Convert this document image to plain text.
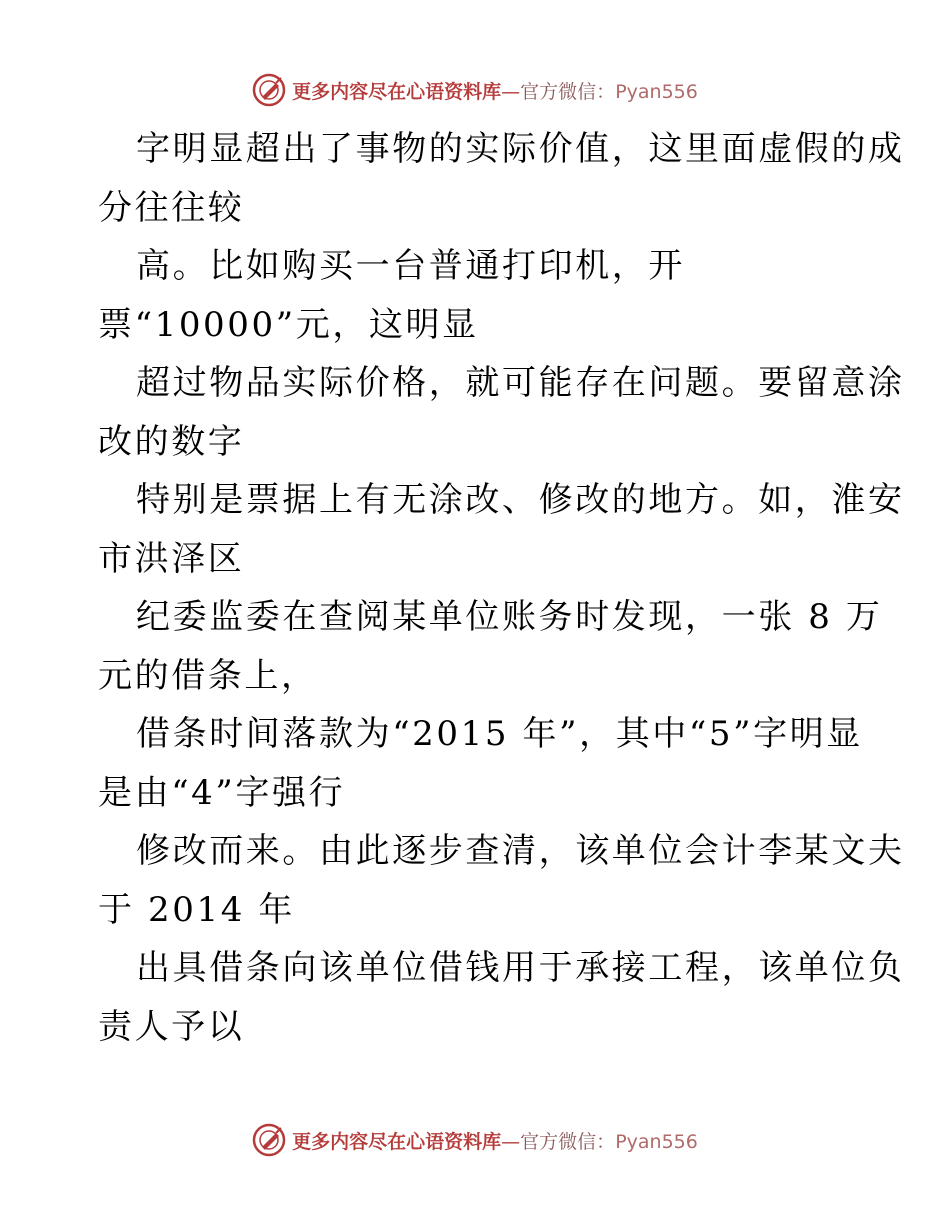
更多内容尽在心语资料库—官方微信：Pyan556
字明显超出了事物的实际价值，这里面虚假的成
分往往较
高。比如购买一台普通打印机，开
票“10000”元，这明显
超过物品实际价格，就可能存在问题。要留意涂
改的数字
特别是票据上有无涂改、修改的地方。如，淮安
市洪泽区
纪委监委在查阅某单位账务时发现，一张 8 万
元的借条上，
借条时间落款为“2015 年”，其中“5”字明显
是由“4”字强行
修改而来。由此逐步查清，该单位会计李某文夫
于 2014 年
出具借条向该单位借钱用于承接工程，该单位负
责人予以
更多内容尽在心语资料库—官方微信：Pyan556
